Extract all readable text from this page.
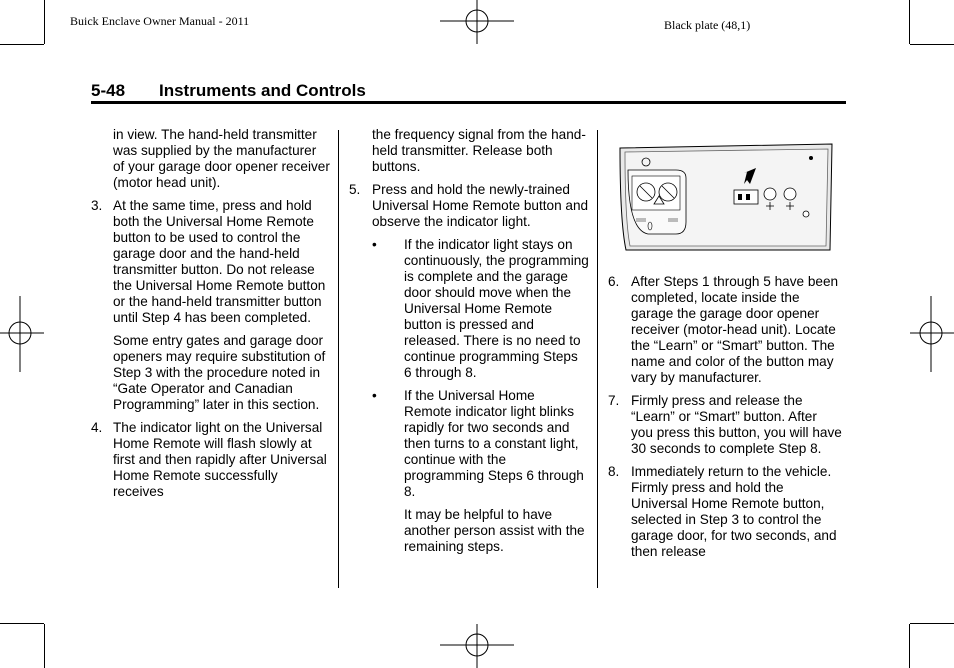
Buick Enclave Owner Manual - 2011	Black plate (48,1)
5-48 Instruments and Controls

in view. The hand-held transmitter was supplied by the manufacturer of your garage door opener receiver (motor head unit).

3. At the same time, press and hold both the Universal Home Remote button to be used to control the garage door and the hand-held transmitter button. Do not release the Universal Home Remote button or the hand-held transmitter button until Step 4 has been completed.

Some entry gates and garage door openers may require substitution of Step 3 with the procedure noted in “Gate Operator and Canadian Programming” later in this section.

4. The indicator light on the Universal Home Remote will flash slowly at first and then rapidly after Universal Home Remote successfully receives

the frequency signal from the hand-held transmitter. Release both buttons.

5. Press and hold the newly-trained Universal Home Remote button and observe the indicator light.

• If the indicator light stays on continuously, the programming is complete and the garage door should move when the Universal Home Remote button is pressed and released. There is no need to continue programming Steps 6 through 8.

• If the Universal Home Remote indicator light blinks rapidly for two seconds and then turns to a constant light, continue with the programming Steps 6 through 8.

It may be helpful to have another person assist with the remaining steps.

6. After Steps 1 through 5 have been completed, locate inside the garage the garage door opener receiver (motor-head unit). Locate the “Learn” or “Smart” button. The name and color of the button may vary by manufacturer.

7. Firmly press and release the “Learn” or “Smart” button. After you press this button, you will have 30 seconds to complete Step 8.

8. Immediately return to the vehicle. Firmly press and hold the Universal Home Remote button, selected in Step 3 to control the garage door, for two seconds, and then release
